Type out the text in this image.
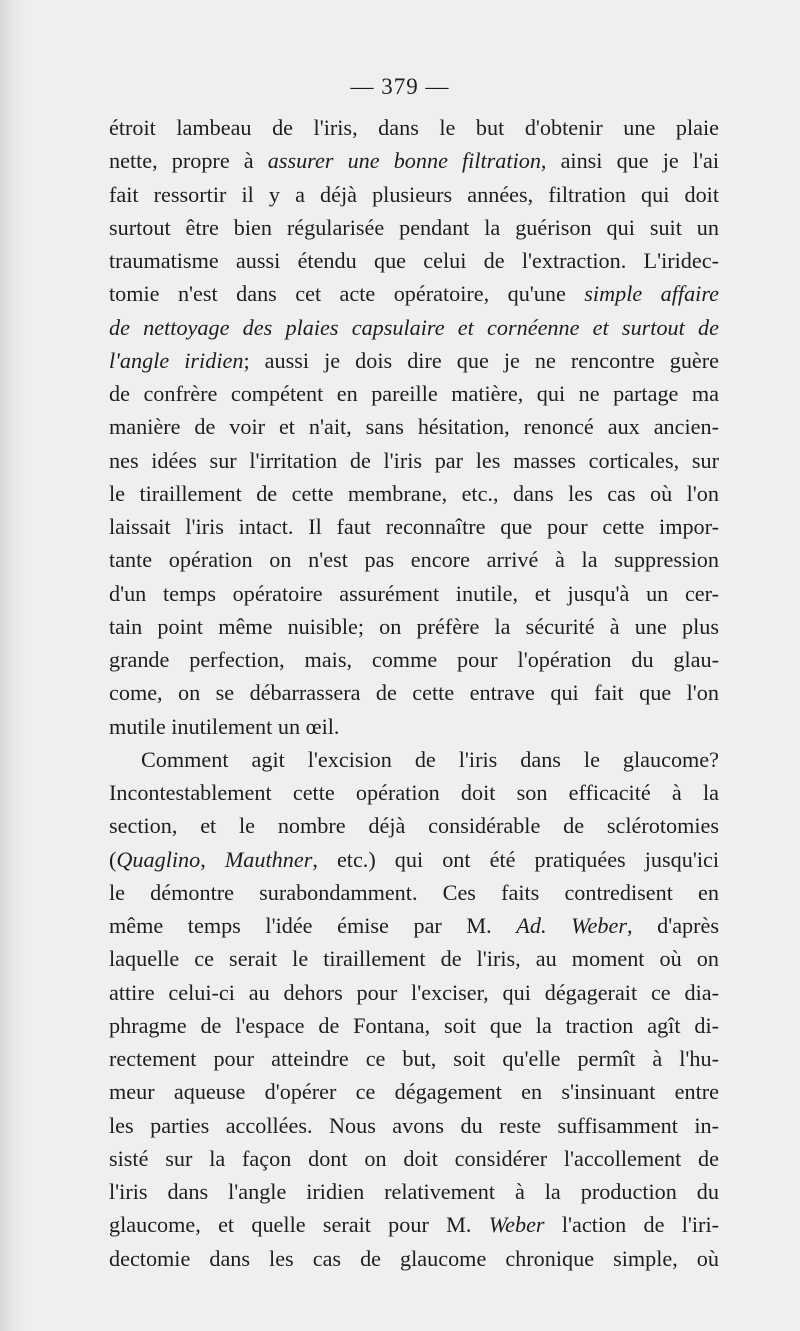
— 379 —
étroit lambeau de l'iris, dans le but d'obtenir une plaie
nette, propre à assurer une bonne filtration, ainsi que je l'ai
fait ressortir il y a déjà plusieurs années, filtration qui doit
surtout être bien régularisée pendant la guérison qui suit un
traumatisme aussi étendu que celui de l'extraction. L'iridec-
tomie n'est dans cet acte opératoire, qu'une simple affaire
de nettoyage des plaies capsulaire et cornéenne et surtout de
l'angle iridien; aussi je dois dire que je ne rencontre guère
de confrère compétent en pareille matière, qui ne partage ma
manière de voir et n'ait, sans hésitation, renoncé aux ancien-
nes idées sur l'irritation de l'iris par les masses corticales, sur
le tiraillement de cette membrane, etc., dans les cas où l'on
laissait l'iris intact. Il faut reconnaître que pour cette impor-
tante opération on n'est pas encore arrivé à la suppression
d'un temps opératoire assurément inutile, et jusqu'à un cer-
tain point même nuisible; on préfère la sécurité à une plus
grande perfection, mais, comme pour l'opération du glau-
come, on se débarrassera de cette entrave qui fait que l'on
mutile inutilement un œil.
Comment agit l'excision de l'iris dans le glaucome?
Incontestablement cette opération doit son efficacité à la
section, et le nombre déjà considérable de sclérotomies
(Quaglino, Mauthner, etc.) qui ont été pratiquées jusqu'ici
le démontre surabondamment. Ces faits contredisent en
même temps l'idée émise par M. Ad. Weber, d'après
laquelle ce serait le tiraillement de l'iris, au moment où on
attire celui-ci au dehors pour l'exciser, qui dégagerait ce dia-
phragme de l'espace de Fontana, soit que la traction agît di-
rectement pour atteindre ce but, soit qu'elle permît à l'hu-
meur aqueuse d'opérer ce dégagement en s'insinuant entre
les parties accollées. Nous avons du reste suffisamment in-
sisté sur la façon dont on doit considérer l'accollement de
l'iris dans l'angle iridien relativement à la production du
glaucome, et quelle serait pour M. Weber l'action de l'iri-
dectomie dans les cas de glaucome chronique simple, où
